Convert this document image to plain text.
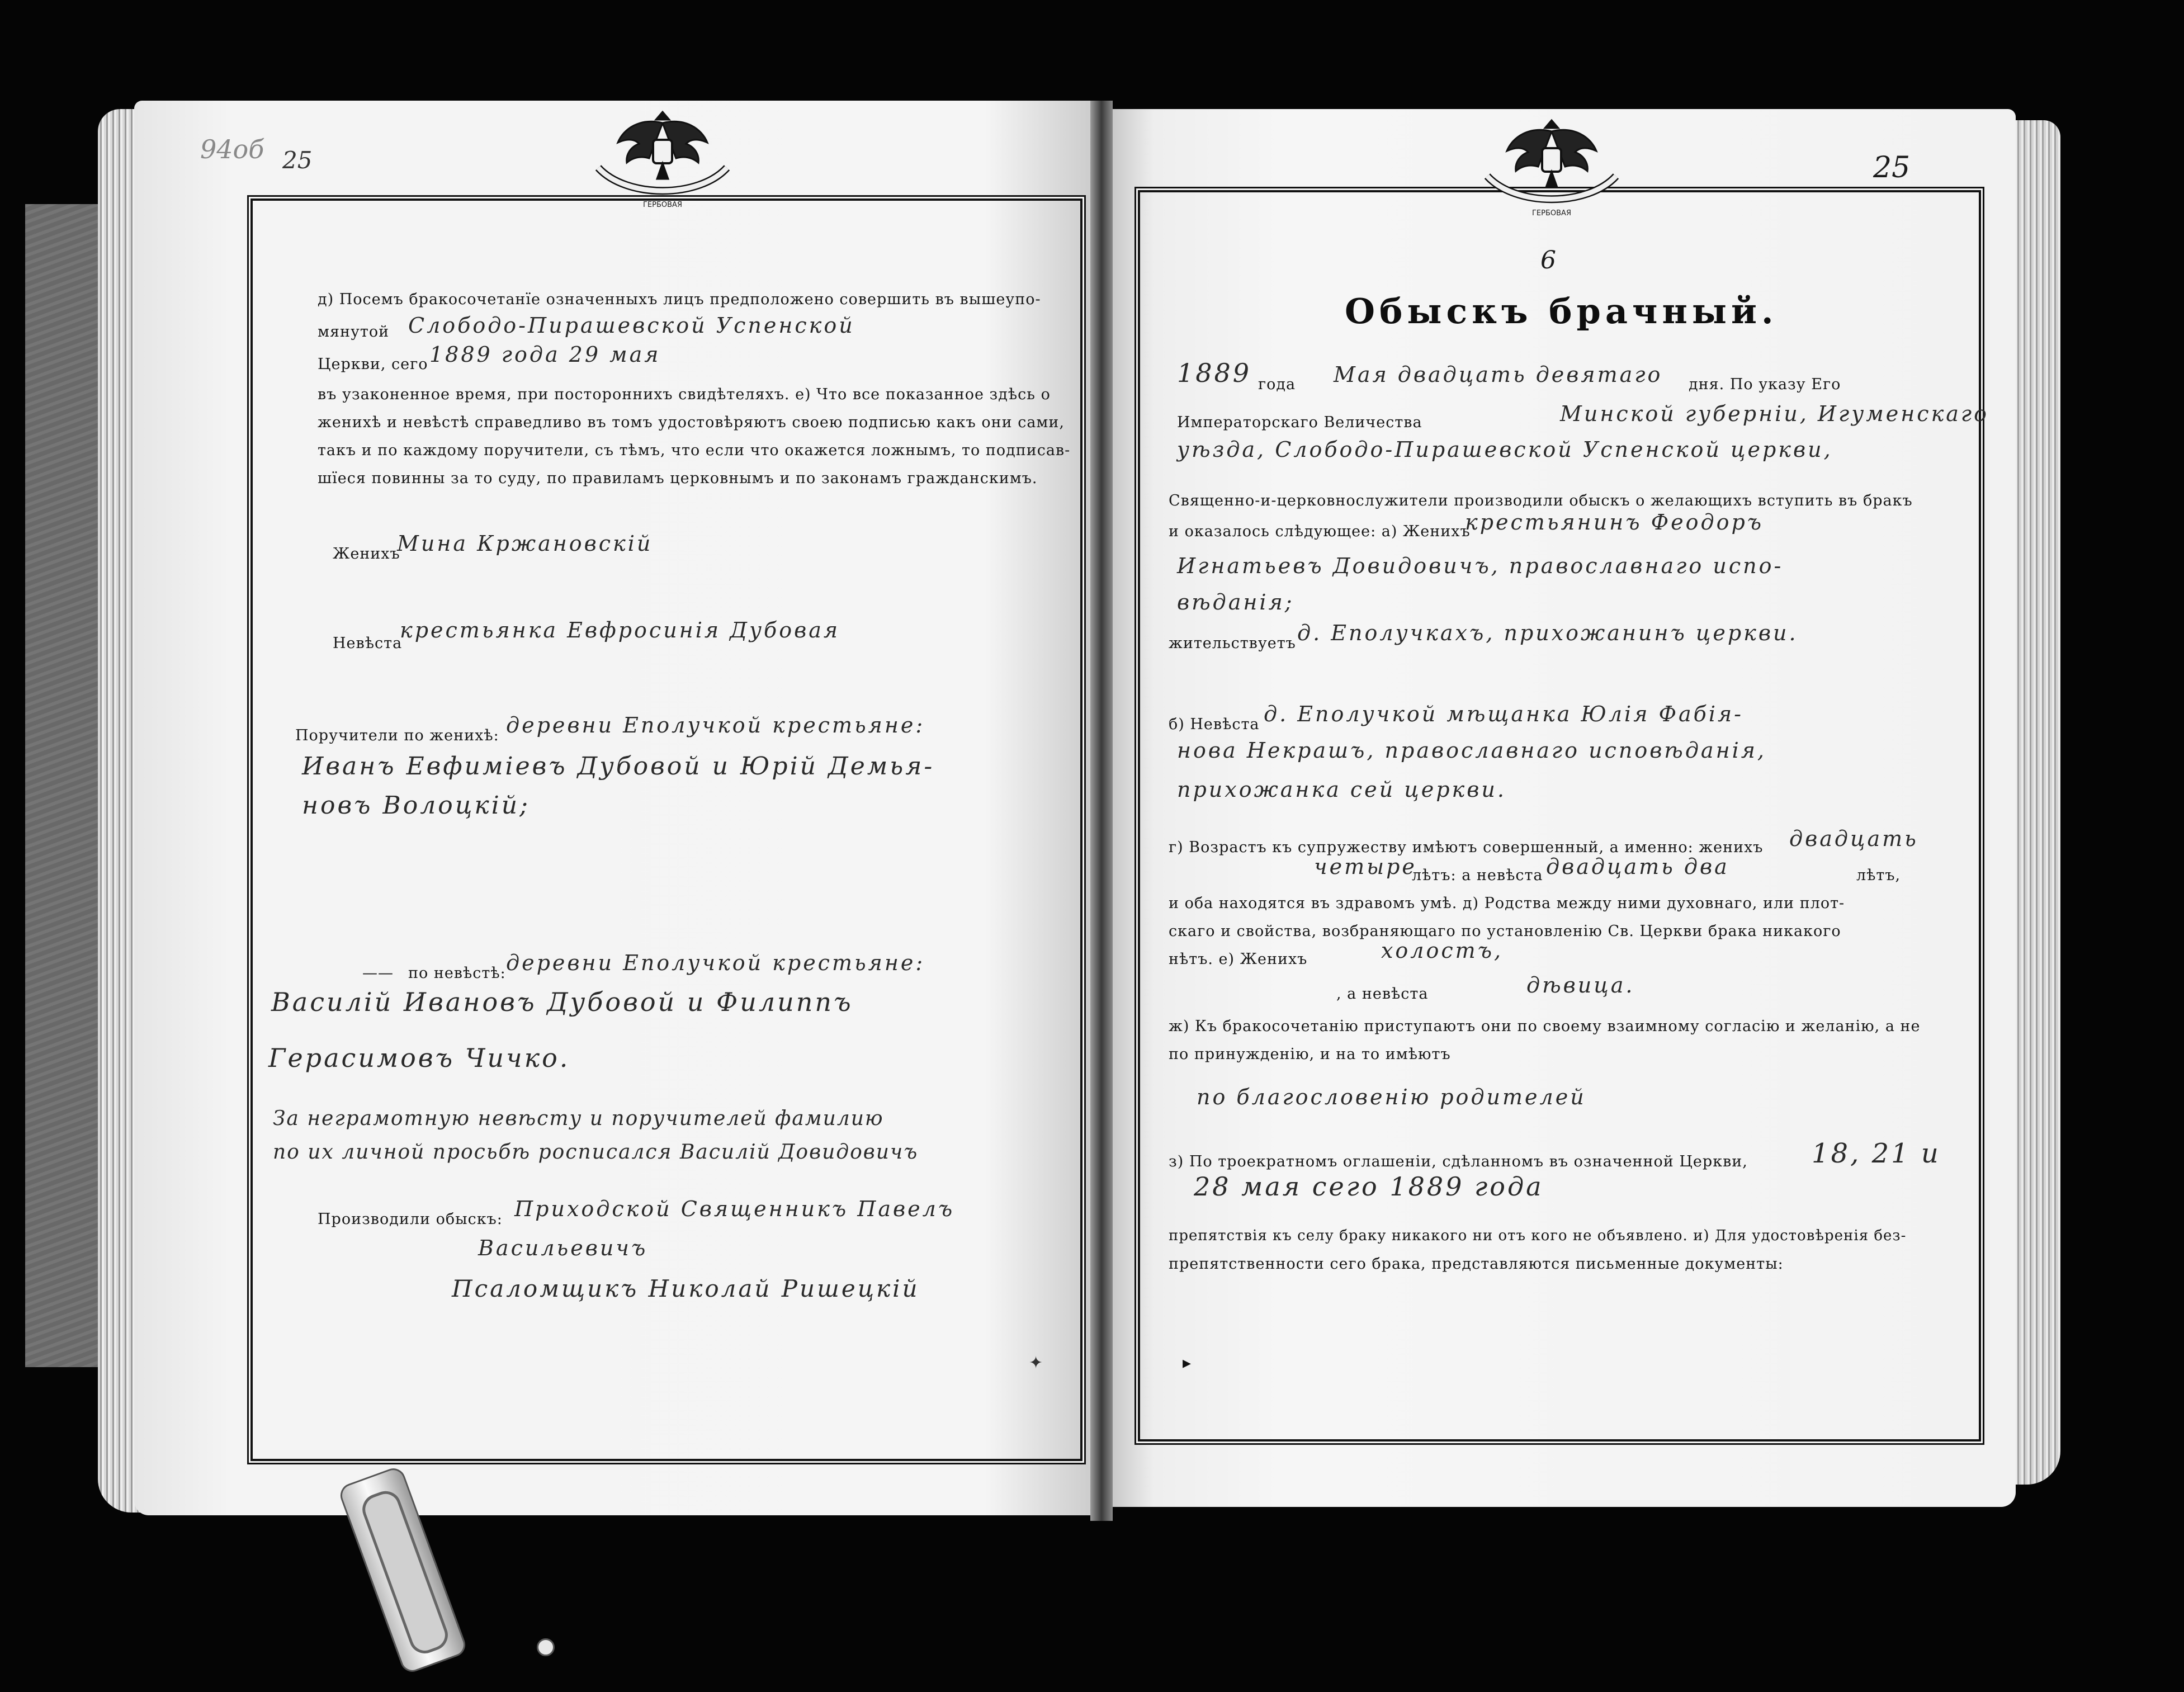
94об 25	25
ГЕРБОВАЯ
ГЕРБОВАЯ
д) Посемъ бракосочетанїе означенныхъ лицъ предположено совершить въ вышеупо-
мянутой Слободо-Пирашевской Успенской
Церкви, сего 1889 года 29 мая
въ узаконенное время, при постороннихъ свидѣтеляхъ. е) Что все показанное здѣсь о
женихѣ и невѣстѣ справедливо въ томъ удостовѣряютъ своею подписью какъ они сами,
такъ и по каждому поручители, съ тѣмъ, что если что окажется ложнымъ, то подписав-
шїеся повинны за то суду, по правиламъ церковнымъ и по законамъ гражданскимъ.
Женихъ
Мина Кржановскiй
Невѣста
крестьянка Евфросинiя Дубовая
Поручители по женихѣ: деревни Еполучкой крестьяне:
Иванъ Евфимiевъ Дубовой и Юрiй Демья-
новъ Волоцкiй;
—— по невѣстѣ: деревни Еполучкой крестьяне:
Василiй Ивановъ Дубовой и Филиппъ
Герасимовъ Чичко.
За неграмотную невѣсту и поручителей фамилию
по их личной просьбѣ росписался Василiй Довидовичъ
Производили обыскъ: Приходской Священникъ Павелъ
Васильевичъ
Псаломщикъ Николай Ришецкiй
6
Обыскъ брачный.
1889 года Мая двадцать девятаго дня. По указу Его
Императорскаго Величества	Минской губернiи, Игуменскаго
уѣзда, Слободо-Пирашевской Успенской церкви,
Священно-и-церковнослужители производили обыскъ о желающихъ вступить въ бракъ
и оказалось слѣдующее: а) Женихъ
крестьянинъ Феодоръ
Игнатьевъ Довидовичъ, православнаго испо-
вѣданiя;
жительствуетъ д. Еполучкахъ, прихожанинъ церкви.
б) Невѣста д. Еполучкой мѣщанка Юлiя Фабiя-
нова Некрашъ, православнаго исповѣданiя,
прихожанка сей церкви.
г) Возрастъ къ супружеству имѣютъ совершенный, а именно: женихъ двадцать
четыре
лѣтъ: а невѣста двадцать два	лѣтъ,
и оба находятся въ здравомъ умѣ. д) Родства между ними духовнаго, или плот-
скаго и свойства, возбраняющаго по установленiю Св. Церкви брака никакого
нѣтъ. е) Женихъ	холостъ,
, а невѣста	дѣвица.
ж) Къ бракосочетанiю приступаютъ они по своему взаимному согласiю и желанiю, а не
по принужденiю, и на то имѣютъ
по благословенiю родителей
з) По троекратномъ оглашенiи, сдѣланномъ въ означенной Церкви, 18, 21 и
28 мая сего 1889 года
препятствiя къ селу браку никакого ни отъ кого не объявлено. и) Для удостовѣренiя без-
препятственности сего брака, представляются письменные документы:
▸
✦
